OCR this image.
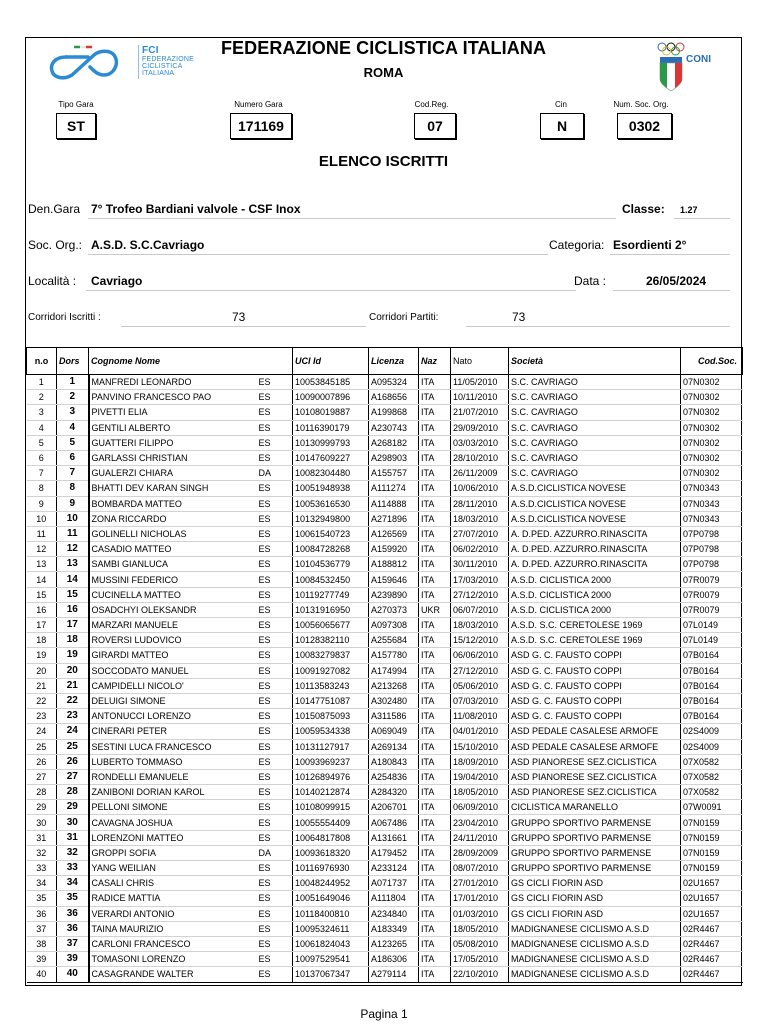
FCI
FEDERAZIONE
CICLISTICA
ITALIANA
FEDERAZIONE CICLISTICA ITALIANA
ROMA
CONI
Tipo Gara
ST
Numero Gara
171169
Cod.Reg.
07
Cin
N
Num. Soc. Org.
0302
ELENCO ISCRITTI
Den.Gara 7° Trofeo Bardiani valvole - CSF Inox	Classe: 1.27
Soc. Org.: A.S.D. S.C.Cavriago	Categoria: Esordienti 2°
Località : Cavriago	Data :	26/05/2024
Corridori Iscritti :	73	Corridori Partiti:	73
n.o	Dors	Cognome Nome		UCI Id	Licenza	Naz	Nato	Società	Cod.Soc.
1	1	MANFREDI LEONARDO	ES	10053845185	A095324	ITA	11/05/2010	S.C. CAVRIAGO	07N0302
2	2	PANVINO FRANCESCO PAO	ES	10090007896	A168656	ITA	10/11/2010	S.C. CAVRIAGO	07N0302
3	3	PIVETTI ELIA	ES	10108019887	A199868	ITA	21/07/2010	S.C. CAVRIAGO	07N0302
4	4	GENTILI ALBERTO	ES	10116390179	A230743	ITA	29/09/2010	S.C. CAVRIAGO	07N0302
5	5	GUATTERI FILIPPO	ES	10130999793	A268182	ITA	03/03/2010	S.C. CAVRIAGO	07N0302
6	6	GARLASSI CHRISTIAN	ES	10147609227	A298903	ITA	28/10/2010	S.C. CAVRIAGO	07N0302
7	7	GUALERZI CHIARA	DA	10082304480	A155757	ITA	26/11/2009	S.C. CAVRIAGO	07N0302
8	8	BHATTI DEV KARAN SINGH	ES	10051948938	A111274	ITA	10/06/2010	A.S.D.CICLISTICA NOVESE	07N0343
9	9	BOMBARDA MATTEO	ES	10053616530	A114888	ITA	28/11/2010	A.S.D.CICLISTICA NOVESE	07N0343
10	10	ZONA RICCARDO	ES	10132949800	A271896	ITA	18/03/2010	A.S.D.CICLISTICA NOVESE	07N0343
11	11	GOLINELLI NICHOLAS	ES	10061540723	A126569	ITA	27/07/2010	A. D.PED. AZZURRO.RINASCITA	07P0798
12	12	CASADIO MATTEO	ES	10084728268	A159920	ITA	06/02/2010	A. D.PED. AZZURRO.RINASCITA	07P0798
13	13	SAMBI GIANLUCA	ES	10104536779	A188812	ITA	30/11/2010	A. D.PED. AZZURRO.RINASCITA	07P0798
14	14	MUSSINI FEDERICO	ES	10084532450	A159646	ITA	17/03/2010	A.S.D. CICLISTICA 2000	07R0079
15	15	CUCINELLA MATTEO	ES	10119277749	A239890	ITA	27/12/2010	A.S.D. CICLISTICA 2000	07R0079
16	16	OSADCHYI OLEKSANDR	ES	10131916950	A270373	UKR	06/07/2010	A.S.D. CICLISTICA 2000	07R0079
17	17	MARZARI MANUELE	ES	10056065677	A097308	ITA	18/03/2010	A.S.D. S.C. CERETOLESE 1969	07L0149
18	18	ROVERSI LUDOVICO	ES	10128382110	A255684	ITA	15/12/2010	A.S.D. S.C. CERETOLESE 1969	07L0149
19	19	GIRARDI MATTEO	ES	10083279837	A157780	ITA	06/06/2010	ASD G. C. FAUSTO COPPI	07B0164
20	20	SOCCODATO MANUEL	ES	10091927082	A174994	ITA	27/12/2010	ASD G. C. FAUSTO COPPI	07B0164
21	21	CAMPIDELLI NICOLO'	ES	10113583243	A213268	ITA	05/06/2010	ASD G. C. FAUSTO COPPI	07B0164
22	22	DELUIGI SIMONE	ES	10147751087	A302480	ITA	07/03/2010	ASD G. C. FAUSTO COPPI	07B0164
23	23	ANTONUCCI LORENZO	ES	10150875093	A311586	ITA	11/08/2010	ASD G. C. FAUSTO COPPI	07B0164
24	24	CINERARI PETER	ES	10059534338	A069049	ITA	04/01/2010	ASD PEDALE CASALESE ARMOFE	02S4009
25	25	SESTINI LUCA FRANCESCO	ES	10131127917	A269134	ITA	15/10/2010	ASD PEDALE CASALESE ARMOFE	02S4009
26	26	LUBERTO TOMMASO	ES	10093969237	A180843	ITA	18/09/2010	ASD PIANORESE SEZ.CICLISTICA	07X0582
27	27	RONDELLI EMANUELE	ES	10126894976	A254836	ITA	19/04/2010	ASD PIANORESE SEZ.CICLISTICA	07X0582
28	28	ZANIBONI DORIAN KAROL	ES	10140212874	A284320	ITA	18/05/2010	ASD PIANORESE SEZ.CICLISTICA	07X0582
29	29	PELLONI SIMONE	ES	10108099915	A206701	ITA	06/09/2010	CICLISTICA MARANELLO	07W0091
30	30	CAVAGNA JOSHUA	ES	10055554409	A067486	ITA	23/04/2010	GRUPPO SPORTIVO PARMENSE	07N0159
31	31	LORENZONI MATTEO	ES	10064817808	A131661	ITA	24/11/2010	GRUPPO SPORTIVO PARMENSE	07N0159
32	32	GROPPI SOFIA	DA	10093618320	A179452	ITA	28/09/2009	GRUPPO SPORTIVO PARMENSE	07N0159
33	33	YANG WEILIAN	ES	10116976930	A233124	ITA	08/07/2010	GRUPPO SPORTIVO PARMENSE	07N0159
34	34	CASALI CHRIS	ES	10048244952	A071737	ITA	27/01/2010	GS CICLI FIORIN ASD	02U1657
35	35	RADICE MATTIA	ES	10051649046	A111804	ITA	17/01/2010	GS CICLI FIORIN ASD	02U1657
36	36	VERARDI ANTONIO	ES	10118400810	A234840	ITA	01/03/2010	GS CICLI FIORIN ASD	02U1657
37	36	TAINA MAURIZIO	ES	10095324611	A183349	ITA	18/05/2010	MADIGNANESE CICLISMO A.S.D	02R4467
38	37	CARLONI FRANCESCO	ES	10061824043	A123265	ITA	05/08/2010	MADIGNANESE CICLISMO A.S.D	02R4467
39	39	TOMASONI LORENZO	ES	10097529541	A186306	ITA	17/05/2010	MADIGNANESE CICLISMO A.S.D	02R4467
40	40	CASAGRANDE WALTER	ES	10137067347	A279114	ITA	22/10/2010	MADIGNANESE CICLISMO A.S.D	02R4467
Pagina 1
